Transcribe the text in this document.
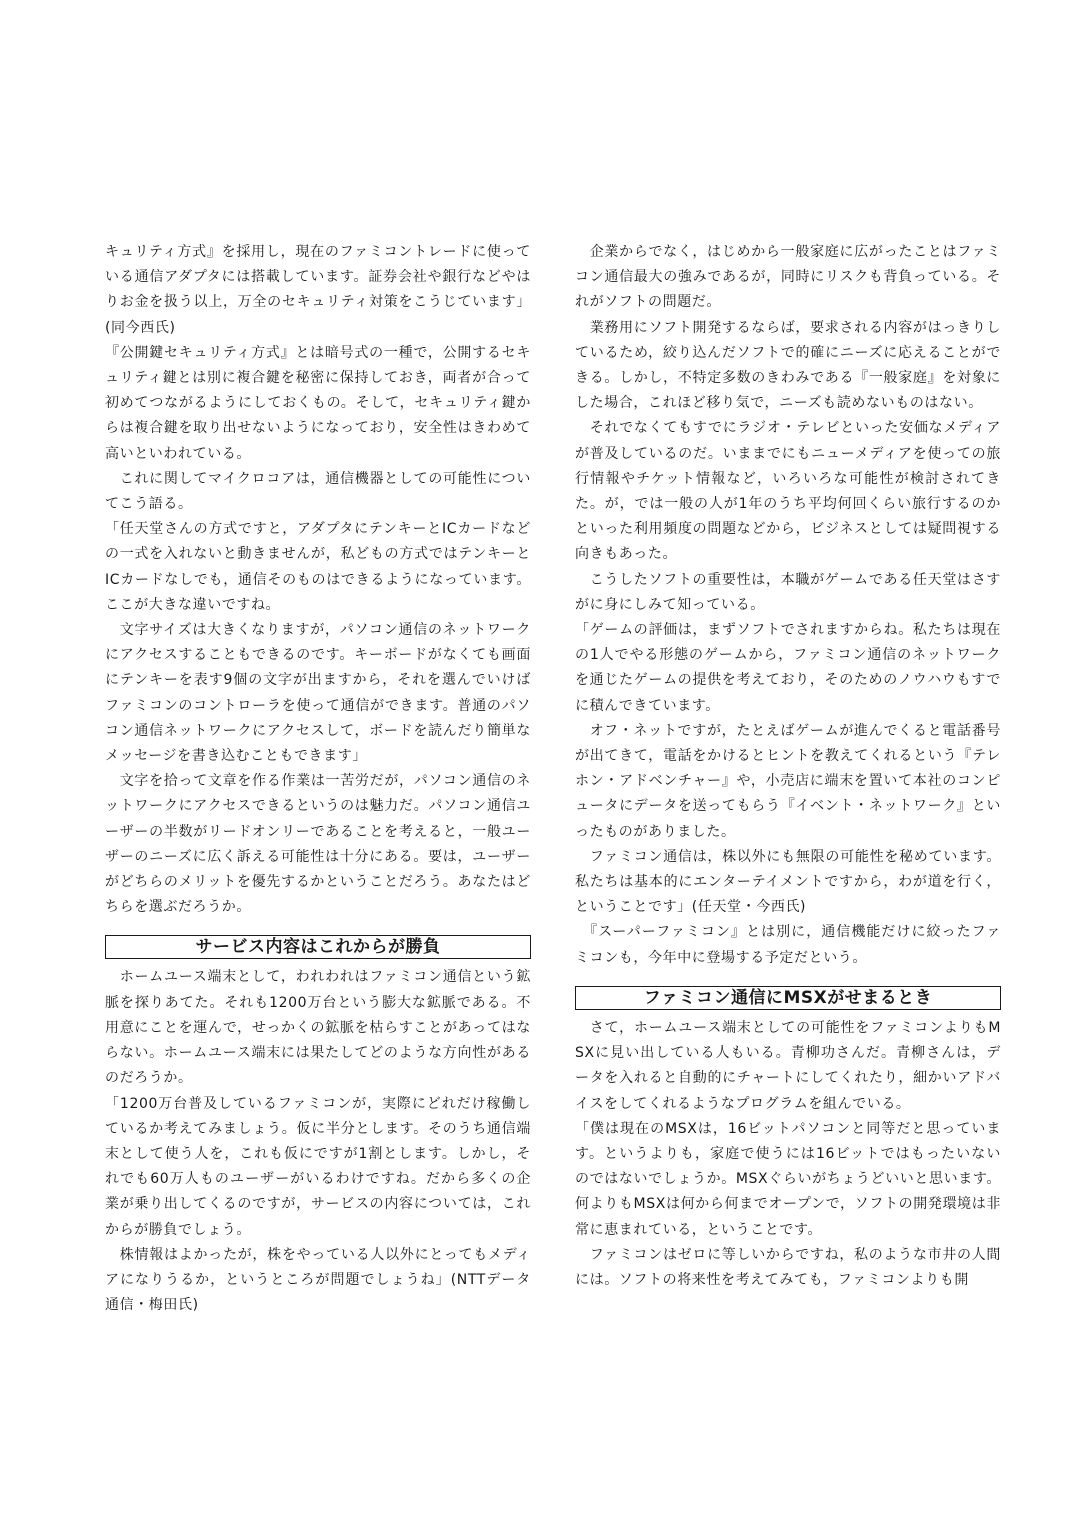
キュリティ方式』を採用し，現在のファミコントレードに使っている通信アダプタには搭載しています。証券会社や銀行などやはりお金を扱う以上，万全のセキュリティ対策をこうじています」(同今西氏)

『公開鍵セキュリティ方式』とは暗号式の一種で，公開するセキュリティ鍵とは別に複合鍵を秘密に保持しておき，両者が合って初めてつながるようにしておくもの。そして，セキュリティ鍵からは複合鍵を取り出せないようになっており，安全性はきわめて高いといわれている。

　これに関してマイクロコアは，通信機器としての可能性についてこう語る。

「任天堂さんの方式ですと，アダプタにテンキーとICカードなどの一式を入れないと動きませんが，私どもの方式ではテンキーとICカードなしでも，通信そのものはできるようになっています。ここが大きな違いですね。

　文字サイズは大きくなりますが，パソコン通信のネットワークにアクセスすることもできるのです。キーボードがなくても画面にテンキーを表す9個の文字が出ますから，それを選んでいけばファミコンのコントローラを使って通信ができます。普通のパソコン通信ネットワークにアクセスして，ボードを読んだり簡単なメッセージを書き込むこともできます」

　文字を拾って文章を作る作業は一苦労だが，パソコン通信のネットワークにアクセスできるというのは魅力だ。パソコン通信ユーザーの半数がリードオンリーであることを考えると，一般ユーザーのニーズに広く訴える可能性は十分にある。要は，ユーザーがどちらのメリットを優先するかということだろう。あなたはどちらを選ぶだろうか。

サービス内容はこれからが勝負

　ホームユース端末として，われわれはファミコン通信という鉱脈を探りあてた。それも1200万台という膨大な鉱脈である。不用意にことを運んで，せっかくの鉱脈を枯らすことがあってはならない。ホームユース端末には果たしてどのような方向性があるのだろうか。

「1200万台普及しているファミコンが，実際にどれだけ稼働しているか考えてみましょう。仮に半分とします。そのうち通信端末として使う人を，これも仮にですが1割とします。しかし，それでも60万人ものユーザーがいるわけですね。だから多くの企業が乗り出してくるのですが，サービスの内容については，これからが勝負でしょう。

　株情報はよかったが，株をやっている人以外にとってもメディアになりうるか，というところが問題でしょうね」(NTTデータ通信・梅田氏)

　企業からでなく，はじめから一般家庭に広がったことはファミコン通信最大の強みであるが，同時にリスクも背負っている。それがソフトの問題だ。

　業務用にソフト開発するならば，要求される内容がはっきりしているため，絞り込んだソフトで的確にニーズに応えることができる。しかし，不特定多数のきわみである『一般家庭』を対象にした場合，これほど移り気で，ニーズも読めないものはない。

　それでなくてもすでにラジオ・テレビといった安価なメディアが普及しているのだ。いままでにもニューメディアを使っての旅行情報やチケット情報など，いろいろな可能性が検討されてきた。が，では一般の人が1年のうち平均何回くらい旅行するのかといった利用頻度の問題などから，ビジネスとしては疑問視する向きもあった。

　こうしたソフトの重要性は，本職がゲームである任天堂はさすがに身にしみて知っている。

「ゲームの評価は，まずソフトでされますからね。私たちは現在の1人でやる形態のゲームから，ファミコン通信のネットワークを通じたゲームの提供を考えており，そのためのノウハウもすでに積んできています。

　オフ・ネットですが，たとえばゲームが進んでくると電話番号が出てきて，電話をかけるとヒントを教えてくれるという『テレホン・アドベンチャー』や，小売店に端末を置いて本社のコンピュータにデータを送ってもらう『イベント・ネットワーク』といったものがありました。

　ファミコン通信は，株以外にも無限の可能性を秘めています。私たちは基本的にエンターテイメントですから，わが道を行く，ということです」(任天堂・今西氏)

　『スーパーファミコン』とは別に，通信機能だけに絞ったファミコンも，今年中に登場する予定だという。

ファミコン通信にMSXがせまるとき

　さて，ホームユース端末としての可能性をファミコンよりもMSXに見い出している人もいる。青柳功さんだ。青柳さんは，データを入れると自動的にチャートにしてくれたり，細かいアドバイスをしてくれるようなプログラムを組んでいる。

「僕は現在のMSXは，16ビットパソコンと同等だと思っています。というよりも，家庭で使うには16ビットではもったいないのではないでしょうか。MSXぐらいがちょうどいいと思います。何よりもMSXは何から何までオープンで，ソフトの開発環境は非常に恵まれている，ということです。

　ファミコンはゼロに等しいからですね，私のような市井の人間には。ソフトの将来性を考えてみても，ファミコンよりも開
